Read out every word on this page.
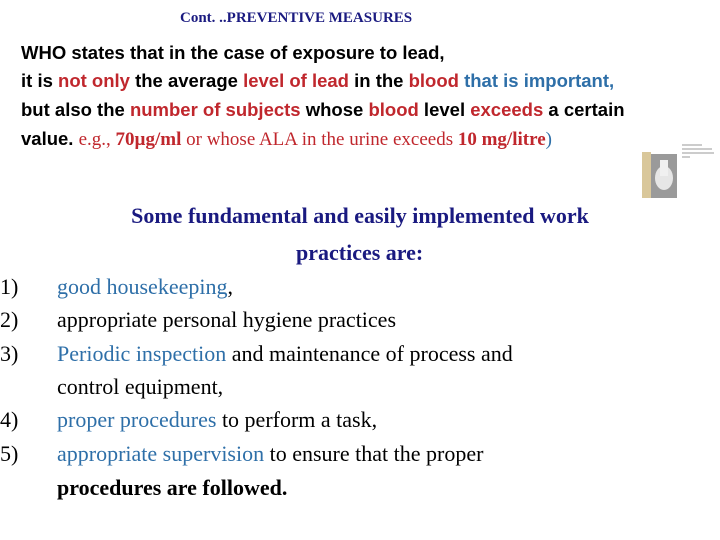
Cont. ..PREVENTIVE MEASURES
WHO states that in the case of exposure to lead,
it is not only the average level of lead in the blood that is important,
but also the number of subjects whose blood level exceeds a certain
value. e.g., 70µg/ml or whose ALA in the urine exceeds 10 mg/litre)
Some fundamental and easily implemented work
practices are:
1) good housekeeping,
2) appropriate personal hygiene practices
3) Periodic inspection and maintenance of process and
control equipment,
4) proper procedures to perform a task,
5) appropriate supervision to ensure that the proper
procedures are followed.
